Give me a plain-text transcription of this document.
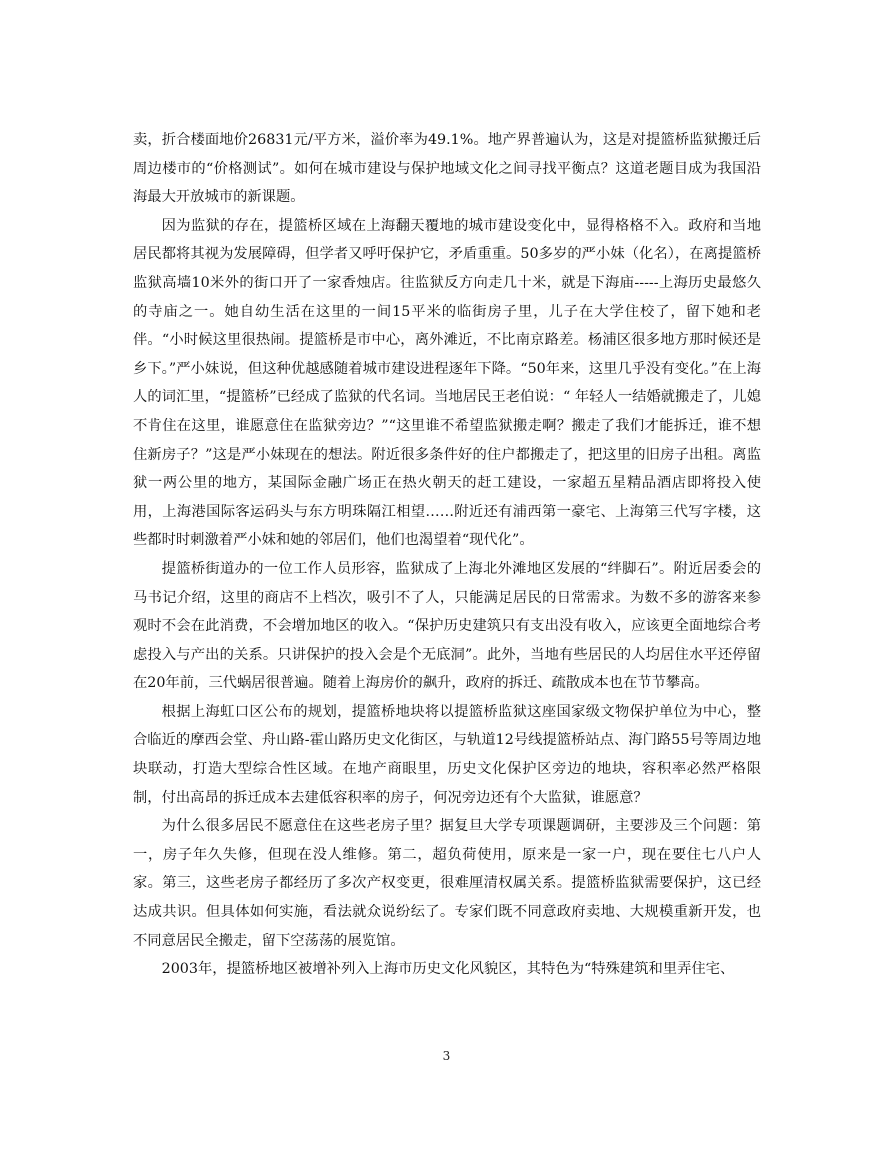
卖，折合楼面地价26831元/平方米，溢价率为49.1%。地产界普遍认为，这是对提篮桥监狱搬迁后周边楼市的“价格测试”。如何在城市建设与保护地域文化之间寻找平衡点？这道老题目成为我国沿海最大开放城市的新课题。

因为监狱的存在，提篮桥区域在上海翻天覆地的城市建设变化中，显得格格不入。政府和当地居民都将其视为发展障碍，但学者又呼吁保护它，矛盾重重。50多岁的严小妹（化名），在离提篮桥监狱高墙10米外的街口开了一家香烛店。往监狱反方向走几十米，就是下海庙-----上海历史最悠久的寺庙之一。她自幼生活在这里的一间15平米的临街房子里，儿子在大学住校了，留下她和老伴。“小时候这里很热闹。提篮桥是市中心，离外滩近，不比南京路差。杨浦区很多地方那时候还是乡下。”严小妹说，但这种优越感随着城市建设进程逐年下降。“50年来，这里几乎没有变化。”在上海人的词汇里，“提篮桥”已经成了监狱的代名词。当地居民王老伯说：“ 年轻人一结婚就搬走了，儿媳不肯住在这里，谁愿意住在监狱旁边？”“这里谁不希望监狱搬走啊？搬走了我们才能拆迁，谁不想住新房子？”这是严小妹现在的想法。附近很多条件好的住户都搬走了，把这里的旧房子出租。离监狱一两公里的地方，某国际金融广场正在热火朝天的赶工建设，一家超五星精品酒店即将投入使用，上海港国际客运码头与东方明珠隔江相望……附近还有浦西第一豪宅、上海第三代写字楼，这些都时时刺激着严小妹和她的邻居们，他们也渴望着“现代化”。

提篮桥街道办的一位工作人员形容，监狱成了上海北外滩地区发展的“绊脚石”。附近居委会的马书记介绍，这里的商店不上档次，吸引不了人，只能满足居民的日常需求。为数不多的游客来参观时不会在此消费，不会增加地区的收入。“保护历史建筑只有支出没有收入，应该更全面地综合考虑投入与产出的关系。只讲保护的投入会是个无底洞”。此外，当地有些居民的人均居住水平还停留在20年前，三代蜗居很普遍。随着上海房价的飙升，政府的拆迁、疏散成本也在节节攀高。

根据上海虹口区公布的规划，提篮桥地块将以提篮桥监狱这座国家级文物保护单位为中心，整合临近的摩西会堂、舟山路-霍山路历史文化街区，与轨道12号线提篮桥站点、海门路55号等周边地块联动，打造大型综合性区域。在地产商眼里，历史文化保护区旁边的地块，容积率必然严格限制，付出高昂的拆迁成本去建低容积率的房子，何况旁边还有个大监狱，谁愿意？

为什么很多居民不愿意住在这些老房子里？据复旦大学专项课题调研，主要涉及三个问题：第一，房子年久失修，但现在没人维修。第二，超负荷使用，原来是一家一户，现在要住七八户人家。第三，这些老房子都经历了多次产权变更，很难厘清权属关系。提篮桥监狱需要保护，这已经达成共识。但具体如何实施，看法就众说纷纭了。专家们既不同意政府卖地、大规模重新开发，也不同意居民全搬走，留下空荡荡的展览馆。

2003年，提篮桥地区被增补列入上海市历史文化风貌区，其特色为“特殊建筑和里弄住宅、

3
